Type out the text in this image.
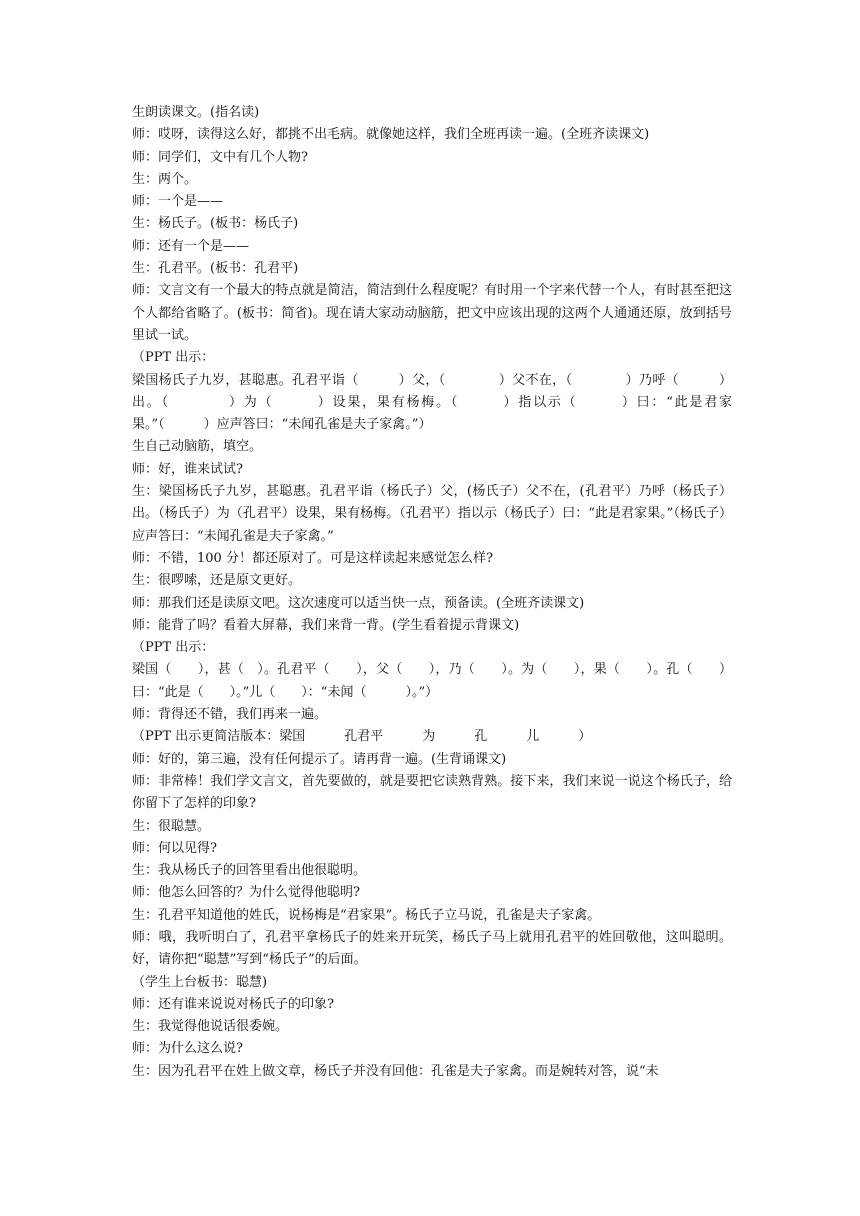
生朗读课文。(指名读)

师：哎呀，读得这么好，都挑不出毛病。就像她这样，我们全班再读一遍。(全班齐读课文)

师：同学们，文中有几个人物?

生：两个。

师：一个是——

生：杨氏子。(板书：杨氏子)

师：还有一个是——

生：孔君平。(板书：孔君平)

师：文言文有一个最大的特点就是简洁，简洁到什么程度呢？有时用一个字来代替一个人，有时甚至把这个人都给省略了。(板书：简省)。现在请大家动动脑筋，把文中应该出现的这两个人通通还原，放到括号里试一试。

（PPT 出示：

梁国杨氏子九岁，甚聪惠。孔君平诣（　　　）父，（　　　　）父不在，（　　　　）乃呼（　　　）出。（　　　　）为（　　　）设果，果有杨梅。（　　　）指以示（　　　）曰：“此是君家果。”（　　　）应声答曰：“未闻孔雀是夫子家禽。”）

生自己动脑筋，填空。

师：好，谁来试试?

生：梁国杨氏子九岁，甚聪惠。孔君平诣（杨氏子）父，(杨氏子）父不在，(孔君平）乃呼（杨氏子）出。（杨氏子）为（孔君平）设果，果有杨梅。（孔君平）指以示（杨氏子）曰：“此是君家果。”（杨氏子）应声答曰：“未闻孔雀是夫子家禽。”

师：不错，100 分！都还原对了。可是这样读起来感觉怎么样?

生：很啰嗦，还是原文更好。

师：那我们还是读原文吧。这次速度可以适当快一点，预备读。(全班齐读课文)

师：能背了吗？看着大屏幕，我们来背一背。(学生看着提示背课文)

（PPT 出示：

梁国（　　），甚（　）。孔君平（　　），父（　　），乃（　　）。为（　　），果（　　）。孔（　　）曰：“此是（　　）。”儿（　　）：“未闻（　　　）。”）

师：背得还不错，我们再来一遍。

（PPT 出示更简洁版本：梁国　　　孔君平　　　为　　　孔　　　儿　　　）

师：好的，第三遍，没有任何提示了。请再背一遍。(生背诵课文)

师：非常棒！我们学文言文，首先要做的，就是要把它读熟背熟。接下来，我们来说一说这个杨氏子，给你留下了怎样的印象?

生：很聪慧。

师：何以见得?

生：我从杨氏子的回答里看出他很聪明。

师：他怎么回答的？为什么觉得他聪明?

生：孔君平知道他的姓氏，说杨梅是“君家果”。杨氏子立马说，孔雀是夫子家禽。

师：哦，我听明白了，孔君平拿杨氏子的姓来开玩笑，杨氏子马上就用孔君平的姓回敬他，这叫聪明。好，请你把“聪慧”写到“杨氏子”的后面。

（学生上台板书：聪慧)

师：还有谁来说说对杨氏子的印象?

生：我觉得他说话很委婉。

师：为什么这么说?

生：因为孔君平在姓上做文章，杨氏子并没有回他：孔雀是夫子家禽。而是婉转对答，说“未
